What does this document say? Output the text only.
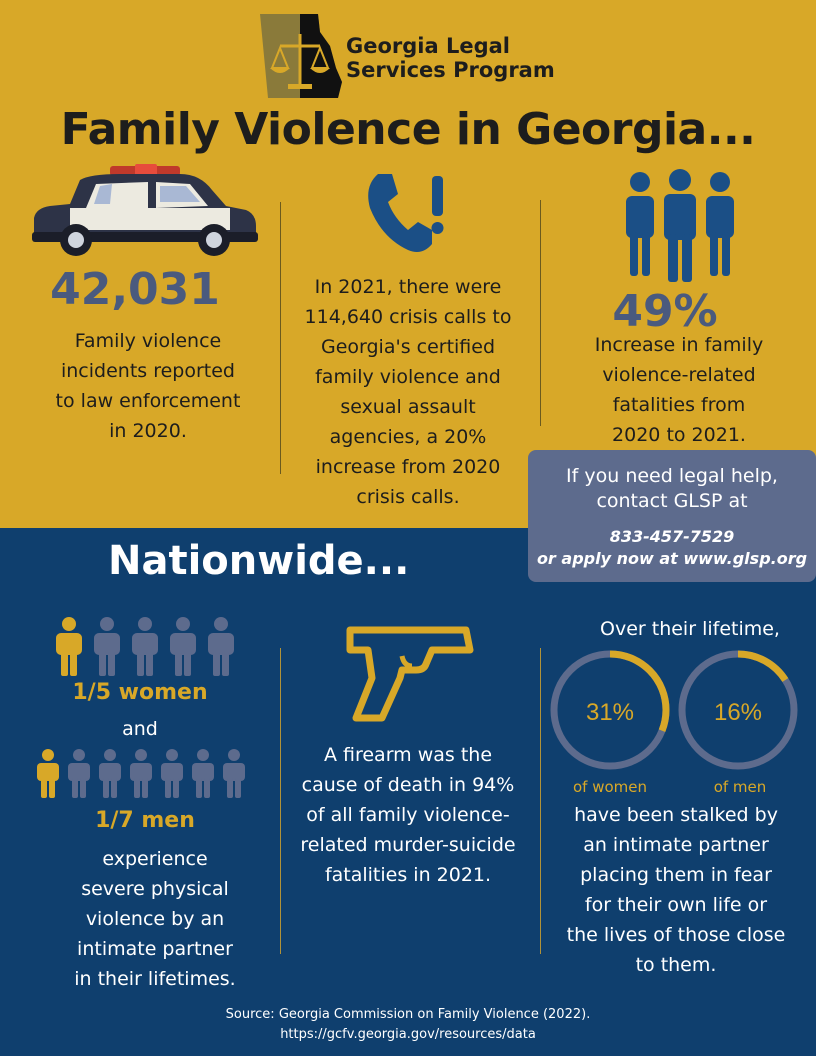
Georgia Legal
Services Program
Family Violence in Georgia...
42,031
Family violence
incidents reported
to law enforcement
in 2020.
In 2021, there were
114,640 crisis calls to
Georgia's certified
family violence and
sexual assault
agencies, a 20%
increase from 2020
crisis calls.
49%
Increase in family
violence-related
fatalities from
2020 to 2021.
If you need legal help,
contact GLSP at
833-457-7529
or apply now at www.glsp.org
Nationwide...
1/5 women
and
1/7 men
experience
severe physical
violence by an
intimate partner
in their lifetimes.
A firearm was the
cause of death in 94%
of all family violence-
related murder-suicide
fatalities in 2021.
Over their lifetime,
31%	16%
of women	of men
have been stalked by
an intimate partner
placing them in fear
for their own life or
the lives of those close
to them.
Source: Georgia Commission on Family Violence (2022).
https://gcfv.georgia.gov/resources/data
